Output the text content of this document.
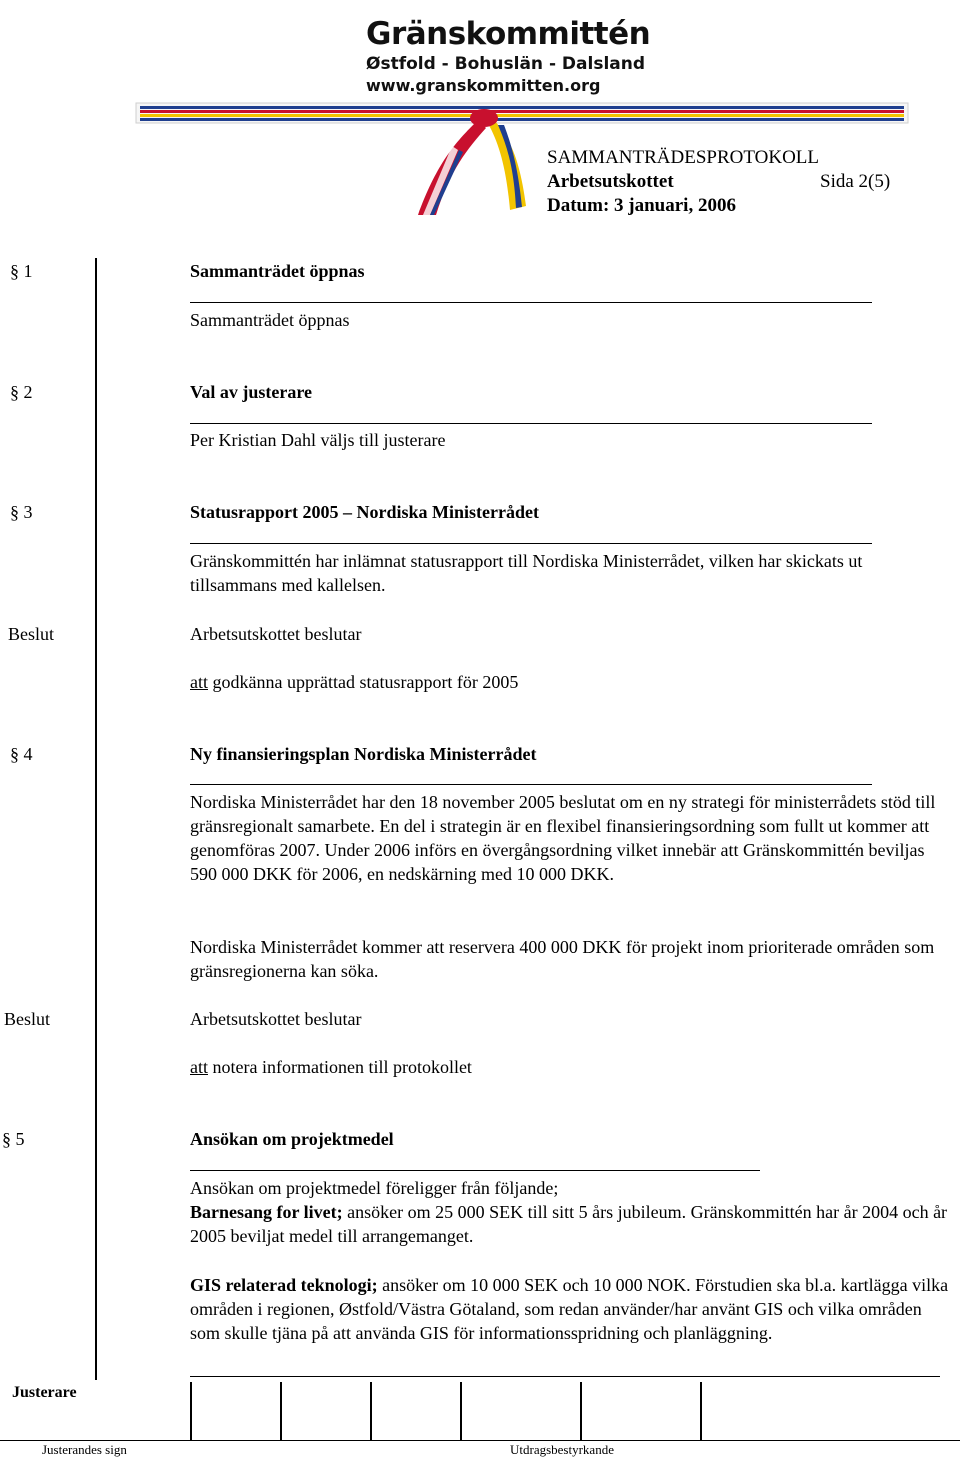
Gränskommittén
Østfold - Bohuslän - Dalsland
www.granskommitten.org
SAMMANTRÄDESPROTOKOLL
Arbetsutskottet	Sida 2(5)
Datum: 3 januari, 2006
§ 1	Sammanträdet öppnas
Sammanträdet öppnas
§ 2	Val av justerare
Per Kristian Dahl väljs till justerare
§ 3	Statusrapport 2005 – Nordiska Ministerrådet
Gränskommittén har inlämnat statusrapport till Nordiska Ministerrådet, vilken har skickats ut tillsammans med kallelsen.
Beslut	Arbetsutskottet beslutar
att godkänna upprättad statusrapport för 2005
§ 4	Ny finansieringsplan Nordiska Ministerrådet
Nordiska Ministerrådet har den 18 november 2005 beslutat om en ny strategi för ministerrådets stöd till gränsregionalt samarbete. En del i strategin är en flexibel finansieringsordning som fullt ut kommer att genomföras 2007. Under 2006 införs en övergångsordning vilket innebär att Gränskommittén beviljas 590 000 DKK för 2006, en nedskärning med 10 000 DKK.
Nordiska Ministerrådet kommer att reservera 400 000 DKK för projekt inom prioriterade områden som gränsregionerna kan söka.
Beslut	Arbetsutskottet beslutar
att notera informationen till protokollet
§ 5	Ansökan om projektmedel
Ansökan om projektmedel föreligger från följande;
Barnesang for livet; ansöker om 25 000 SEK till sitt 5 års jubileum. Gränskommittén har år 2004 och år 2005 beviljat medel till arrangemanget.
GIS relaterad teknologi; ansöker om 10 000 SEK och 10 000 NOK. Förstudien ska bl.a. kartlägga vilka områden i regionen, Østfold/Västra Götaland, som redan använder/har använt GIS och vilka områden som skulle tjäna på att använda GIS för informationsspridning och planläggning.
Justerare
Justerandes sign	Utdragsbestyrkande
